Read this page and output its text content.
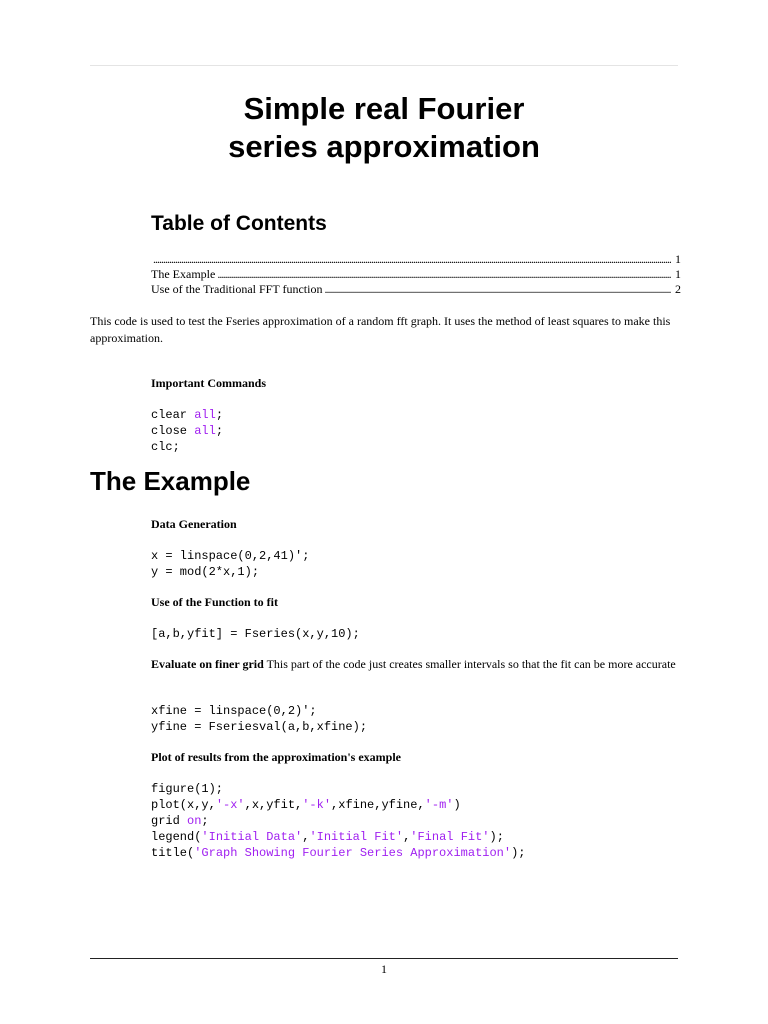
Simple real Fourier
series approximation
Table of Contents
. . .
1
The Example . . .	1
Use of the Traditional FFT function . . .	2

This code is used to test the Fseries approximation of a random fft graph. It uses the method of least squares to make this approximation.

Important Commands

clear all;
close all;
clc;
The Example

Data Generation

x = linspace(0,2,41)';
y = mod(2*x,1);

Use of the Function to fit

[a,b,yfit] = Fseries(x,y,10);

Evaluate on finer grid This part of the code just creates smaller intervals so that the fit can be more accurate

xfine = linspace(0,2)';
yfine = Fseriesval(a,b,xfine);

Plot of results from the approximation's example

figure(1);
plot(x,y,'-x',x,yfit,'-k',xfine,yfine,'-m')
grid on;
legend('Initial Data','Initial Fit','Final Fit');
title('Graph Showing Fourier Series Approximation');
1
